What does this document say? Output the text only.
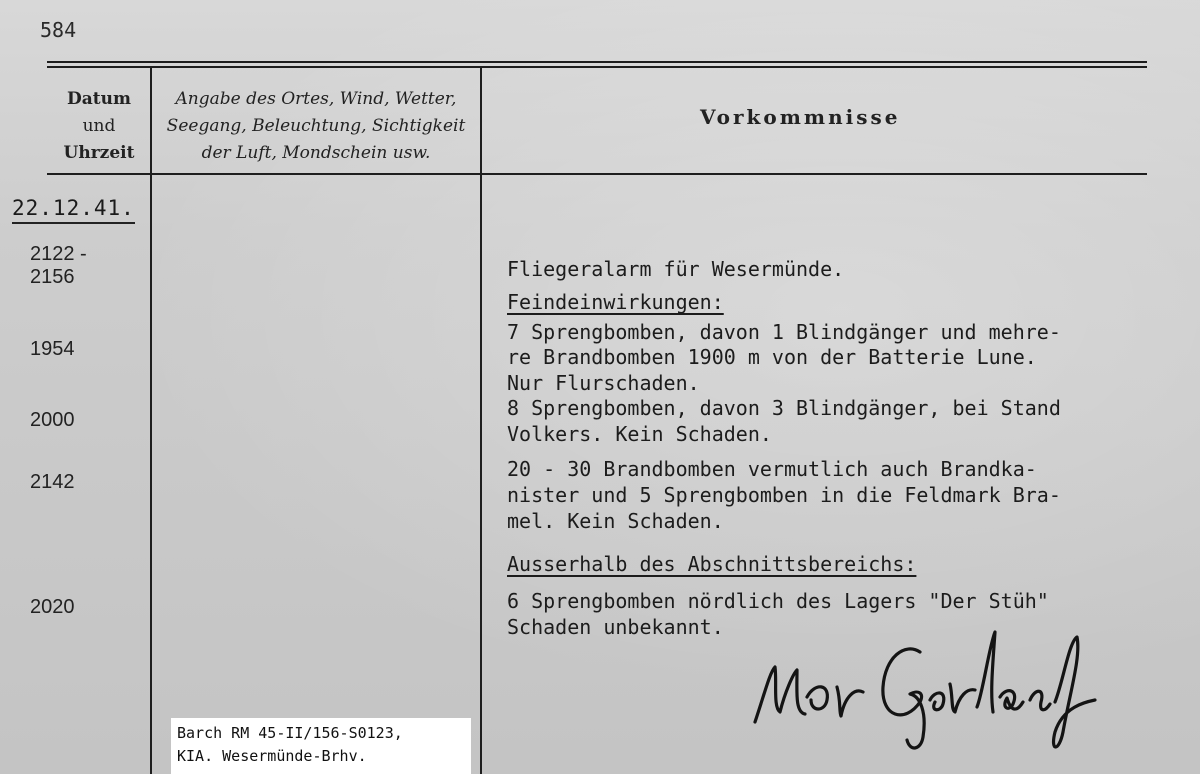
584
Datum
und
Uhrzeit
Angabe des Ortes, Wind, Wetter,
Seegang, Beleuchtung, Sichtigkeit
der Luft, Mondschein usw.
Vorkommnisse
22.12.41.
2122 -
2156
1954
2000
2142
2020
Fliegeralarm für Wesermünde.
Feindeinwirkungen:
7 Sprengbomben, davon 1 Blindgänger und mehre-
re Brandbomben 1900 m von der Batterie Lune.
Nur Flurschaden.
8 Sprengbomben, davon 3 Blindgänger, bei Stand
Volkers. Kein Schaden.
20 - 30 Brandbomben vermutlich auch Brandka-
nister und 5 Sprengbomben in die Feldmark Bra-
mel. Kein Schaden.
Ausserhalb des Abschnittsbereichs:
6 Sprengbomben nördlich des Lagers "Der Stüh"
Schaden unbekannt.
Barch RM 45-II/156-S0123,
KIA. Wesermünde-Brhv.
